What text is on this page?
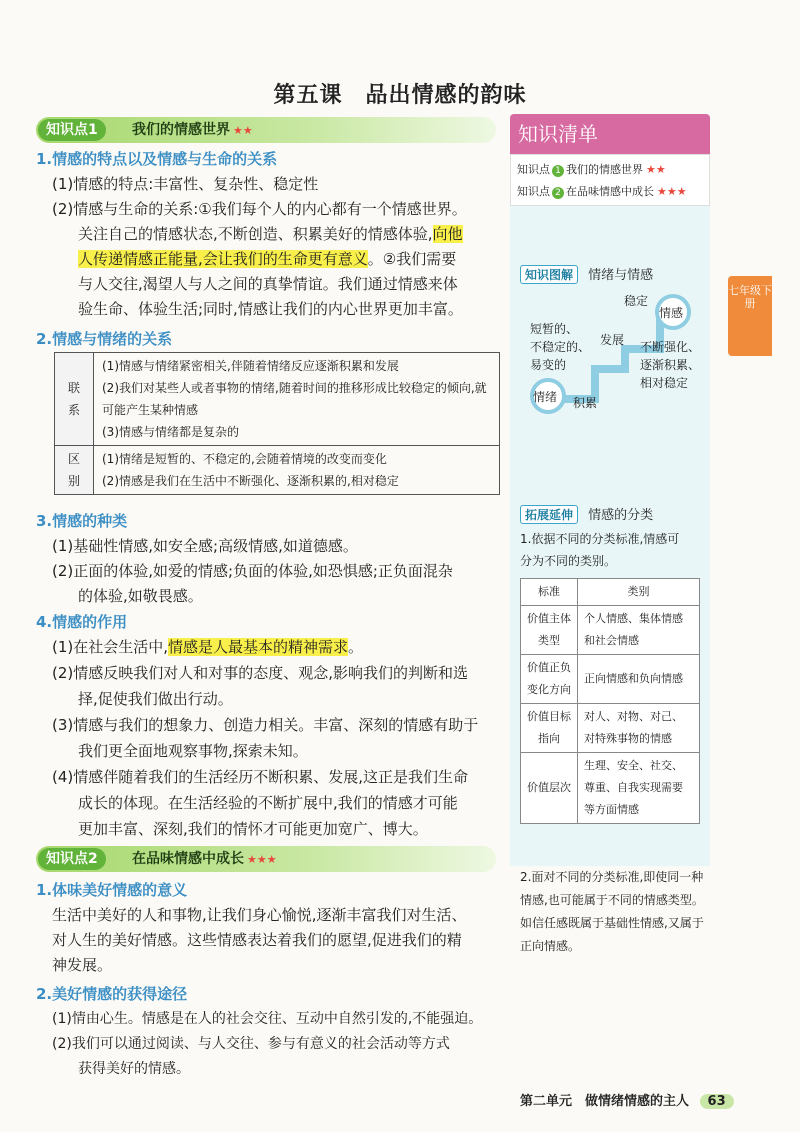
第五课　品出情感的韵味
知识点1	我们的情感世界 ★★
1.情感的特点以及情感与生命的关系
(1)情感的特点:丰富性、复杂性、稳定性
(2)情感与生命的关系:①我们每个人的内心都有一个情感世界。
关注自己的情感状态,不断创造、积累美好的情感体验,向他
人传递情感正能量,会让我们的生命更有意义。②我们需要
与人交往,渴望人与人之间的真挚情谊。我们通过情感来体
验生命、体验生活;同时,情感让我们的内心世界更加丰富。
2.情感与情绪的关系
联系	(1)情感与情绪紧密相关,伴随着情绪反应逐渐积累和发展
(2)我们对某些人或者事物的情绪,随着时间的推移形成比较稳定的倾向,就可能产生某种情感
(3)情感与情绪都是复杂的

区别	(1)情绪是短暂的、不稳定的,会随着情境的改变而变化
(2)情感是我们在生活中不断强化、逐渐积累的,相对稳定
3.情感的种类
(1)基础性情感,如安全感;高级情感,如道德感。
(2)正面的体验,如爱的情感;负面的体验,如恐惧感;正负面混杂
的体验,如敬畏感。
4.情感的作用
(1)在社会生活中,情感是人最基本的精神需求。
(2)情感反映我们对人和对事的态度、观念,影响我们的判断和选
择,促使我们做出行动。
(3)情感与我们的想象力、创造力相关。丰富、深刻的情感有助于
我们更全面地观察事物,探索未知。
(4)情感伴随着我们的生活经历不断积累、发展,这正是我们生命
成长的体现。在生活经验的不断扩展中,我们的情感才可能
更加丰富、深刻,我们的情怀才可能更加宽广、博大。
知识点2	在品味情感中成长 ★★★
1.体味美好情感的意义
生活中美好的人和事物,让我们身心愉悦,逐渐丰富我们对生活、
对人生的美好情感。这些情感表达着我们的愿望,促进我们的精
神发展。
2.美好情感的获得途径
(1)情由心生。情感是在人的社会交往、互动中自然引发的,不能强迫。
(2)我们可以通过阅读、与人交往、参与有意义的社会活动等方式
获得美好的情感。
知识清单
知识点 1 我们的情感世界 ★★
知识点 2 在品味情感中成长 ★★★
知识图解 情绪与情感
稳定
情感
情绪
短暂的、
不稳定的、
易变的
发展
积累
不断强化、
逐渐积累、
相对稳定
拓展延伸 情感的分类
1.依据不同的分类标准,情感可
分为不同的类别。
标准	类别
价值主体类型	个人情感、集体情感和社会情感
价值正负变化方向	正向情感和负向情感
价值目标指向	对人、对物、对己、对特殊事物的情感
价值层次	生理、安全、社交、尊重、自我实现需要等方面情感
2.面对不同的分类标准,即使同一种情感,也可能属于不同的情感类型。如信任感既属于基础性情感,又属于正向情感。
七年级下册
第二单元　做情绪情感的主人 63
